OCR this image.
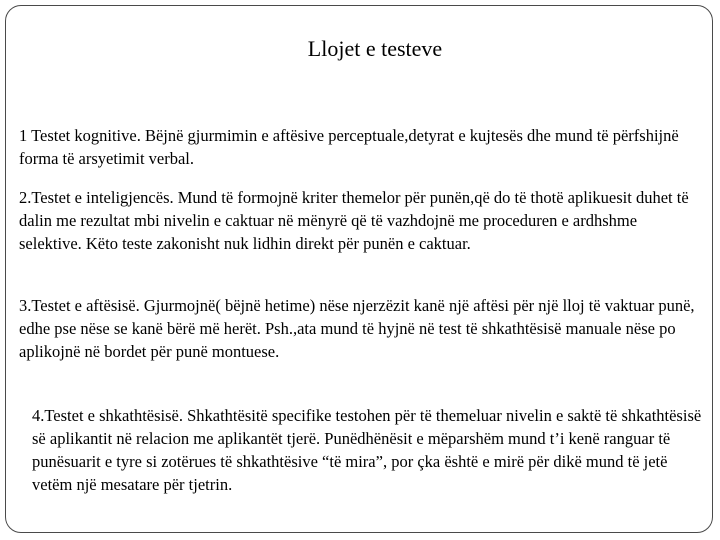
Llojet e testeve

1 Testet kognitive. Bëjnë gjurmimin e aftësive perceptuale,detyrat e kujtesës dhe mund të përfshijnë forma të arsyetimit verbal.

2.Testet e inteligjencës. Mund të formojnë kriter themelor për punën,që do të thotë aplikuesit duhet të dalin me rezultat mbi nivelin e caktuar në mënyrë që të vazhdojnë me proceduren e ardhshme selektive. Këto teste zakonisht nuk lidhin direkt për punën e caktuar.

3.Testet e aftësisë. Gjurmojnë( bëjnë hetime) nëse njerzëzit kanë një aftësi për një lloj të vaktuar punë, edhe pse nëse se kanë bërë më herët. Psh.,ata mund të hyjnë në test të shkathtësisë manuale nëse po aplikojnë në bordet për punë montuese.

4.Testet e shkathtësisë. Shkathtësitë specifike testohen për të themeluar nivelin e saktë të shkathtësisë së aplikantit në relacion me aplikantët tjerë. Punëdhënësit e mëparshëm mund t’i kenë ranguar të punësuarit e tyre si zotërues të shkathtësive “të mira”, por çka është e mirë për dikë mund të jetë vetëm një mesatare për tjetrin.
